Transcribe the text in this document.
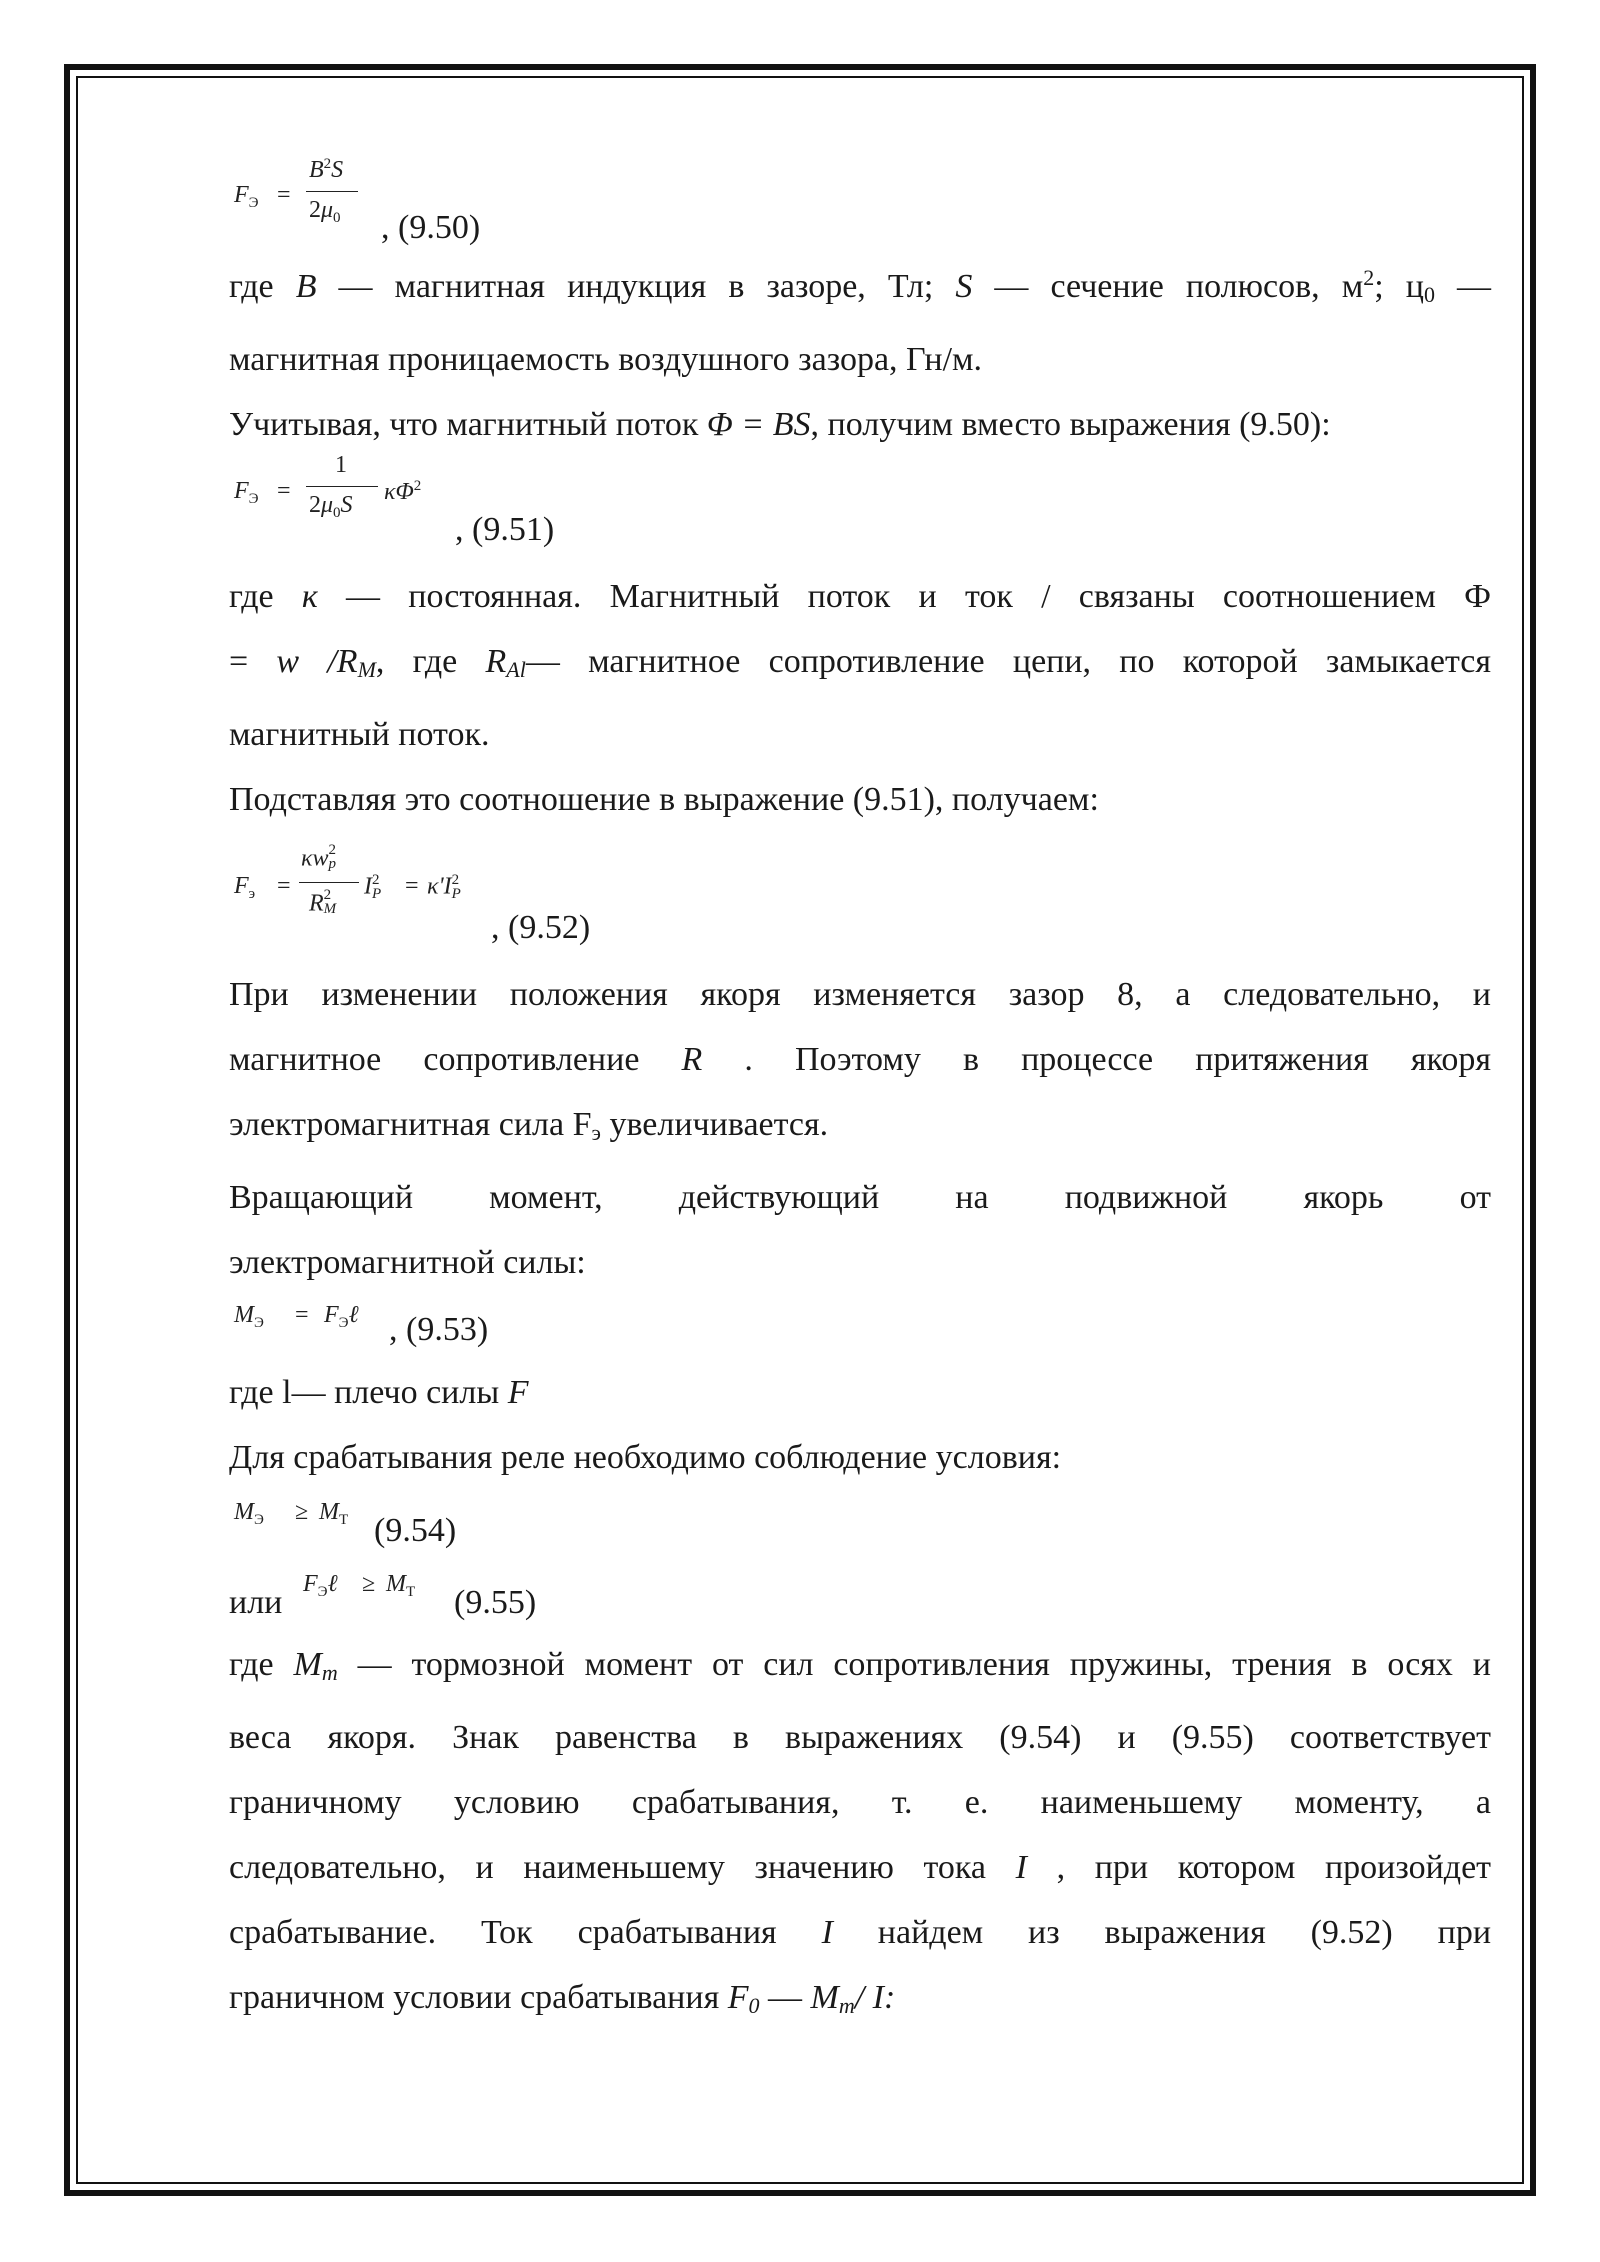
$F_Э$ =
$B^2S$
$2\mu_0$ , (9.50)

где B — магнитная индукция в зазоре, Тл; S — сечение полюсов, $м^2$; ц0 —

магнитная проницаемость воздушного зазора, Гн/м.

Учитывая, что магнитный поток Φ = BS, получим вместо выражения (9.50):

$F_Э$ =
1
$2\mu_0S$ $\kappa\Phi^2$
, (9.51)

где к — постоянная. Магнитный поток и ток / связаны соотношением Ф

= w /RM, где RAl— магнитное сопротивление цепи, по которой замыкается

магнитный поток.

Подставляя это соотношение в выражение (9.51), получаем:

$F_э$ =
κw 2
p
R 2
M
I 2
P = κ'I 2
P
, (9.52)

При изменении положения якоря изменяется зазор 8, а следовательно, и

магнитное сопротивление R . Поэтому в процессе притяжения якоря

электромагнитная сила Fэ увеличивается.

Вращающий момент, действующий на подвижной якорь от

электромагнитной силы:

$M_Э$ = $F_Э\ell$ , (9.53)

где l— плечо силы F

Для срабатывания реле необходимо соблюдение условия:

$M_Э \ge M_T$ (9.54)
или $F_Э\ell \ge M_T$ (9.55)

где Mm — тормозной момент от сил сопротивления пружины, трения в осях и

веса якоря. Знак равенства в выражениях (9.54) и (9.55) соответствует

граничному условию срабатывания, т. е. наименьшему моменту, а

следовательно, и наименьшему значению тока I , при котором произойдет

срабатывание. Ток срабатывания I найдем из выражения (9.52) при

граничном условии срабатывания F0 — Mm/ I:
